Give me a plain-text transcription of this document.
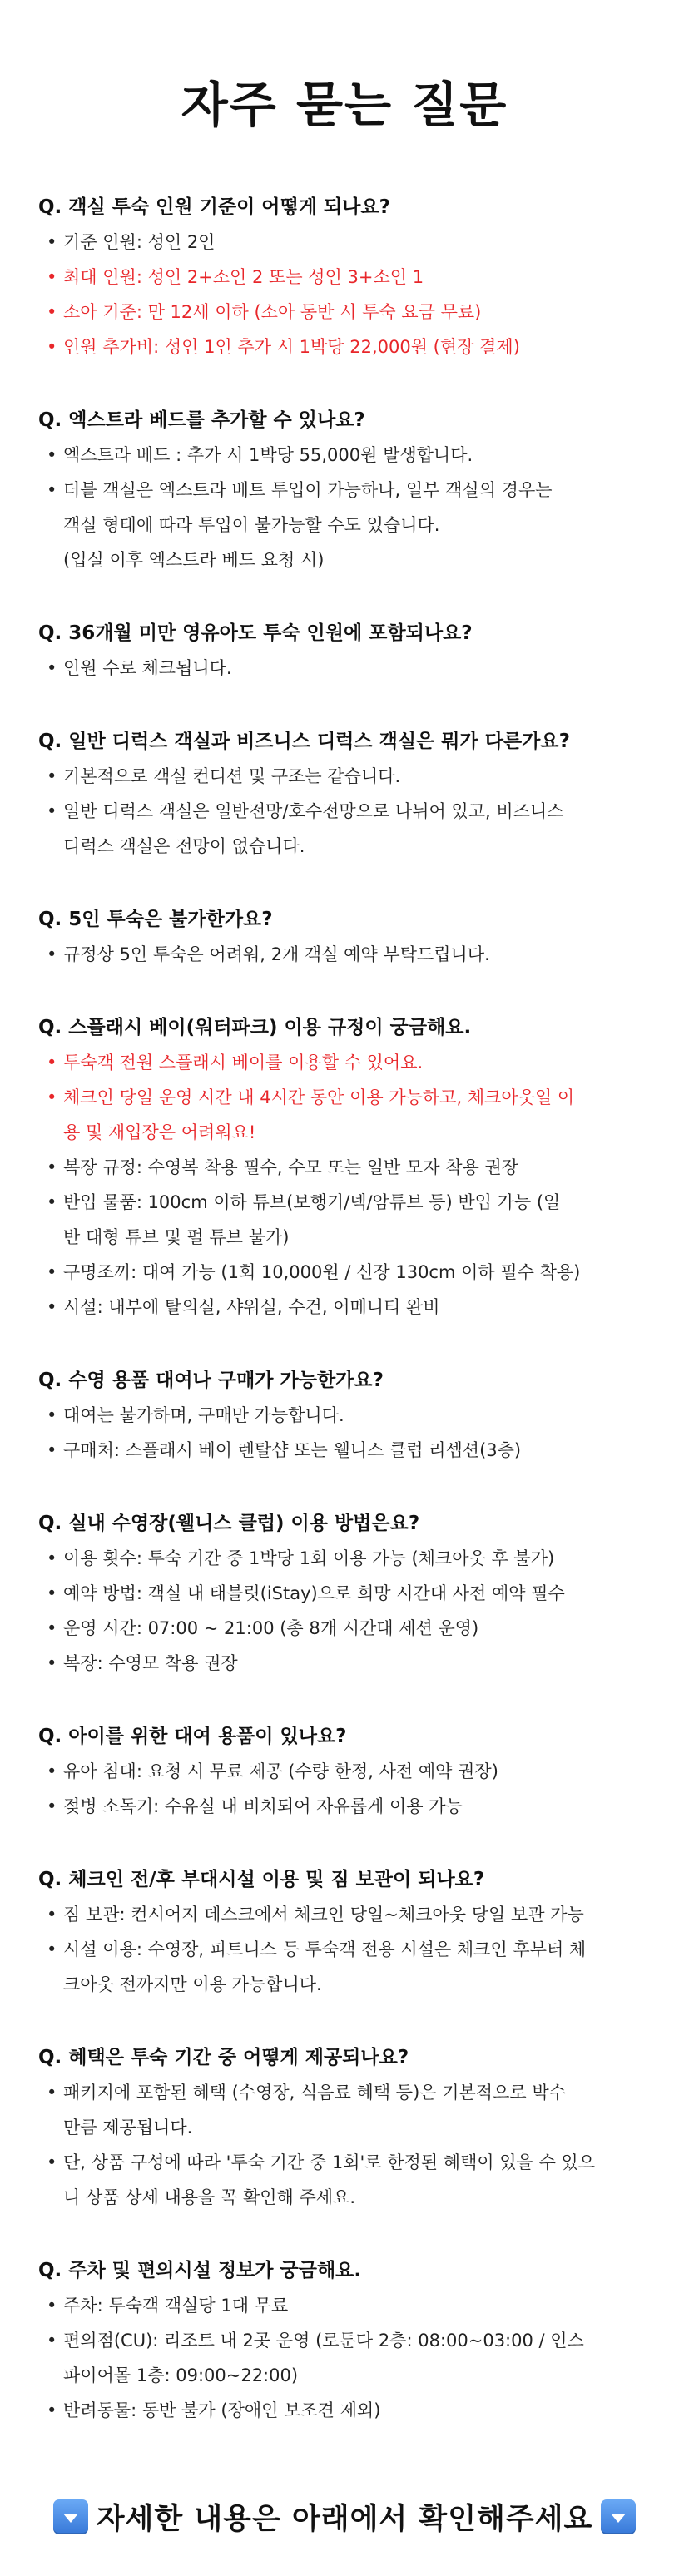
자주 묻는 질문
Q. 객실 투숙 인원 기준이 어떻게 되나요?
• 기준 인원: 성인 2인
• 최대 인원: 성인 2+소인 2 또는 성인 3+소인 1
• 소아 기준: 만 12세 이하 (소아 동반 시 투숙 요금 무료)
• 인원 추가비: 성인 1인 추가 시 1박당 22,000원 (현장 결제)
Q. 엑스트라 베드를 추가할 수 있나요?
• 엑스트라 베드 : 추가 시 1박당 55,000원 발생합니다.
• 더블 객실은 엑스트라 베트 투입이 가능하나, 일부 객실의 경우는
객실 형태에 따라 투입이 불가능할 수도 있습니다.
(입실 이후 엑스트라 베드 요청 시)
Q. 36개월 미만 영유아도 투숙 인원에 포함되나요?
• 인원 수로 체크됩니다.
Q. 일반 디럭스 객실과 비즈니스 디럭스 객실은 뭐가 다른가요?
• 기본적으로 객실 컨디션 및 구조는 같습니다.
• 일반 디럭스 객실은 일반전망/호수전망으로 나뉘어 있고, 비즈니스
디럭스 객실은 전망이 없습니다.
Q. 5인 투숙은 불가한가요?
• 규정상 5인 투숙은 어려워, 2개 객실 예약 부탁드립니다.
Q. 스플래시 베이(워터파크) 이용 규정이 궁금해요.
• 투숙객 전원 스플래시 베이를 이용할 수 있어요.
• 체크인 당일 운영 시간 내 4시간 동안 이용 가능하고, 체크아웃일 이
용 및 재입장은 어려워요!
• 복장 규정: 수영복 착용 필수, 수모 또는 일반 모자 착용 권장
• 반입 물품: 100cm 이하 튜브(보행기/넥/암튜브 등) 반입 가능 (일
반 대형 튜브 및 펄 튜브 불가)
• 구명조끼: 대여 가능 (1회 10,000원 / 신장 130cm 이하 필수 착용)
• 시설: 내부에 탈의실, 샤워실, 수건, 어메니티 완비
Q. 수영 용품 대여나 구매가 가능한가요?
• 대여는 불가하며, 구매만 가능합니다.
• 구매처: 스플래시 베이 렌탈샵 또는 웰니스 클럽 리셉션(3층)
Q. 실내 수영장(웰니스 클럽) 이용 방법은요?
• 이용 횟수: 투숙 기간 중 1박당 1회 이용 가능 (체크아웃 후 불가)
• 예약 방법: 객실 내 태블릿(iStay)으로 희망 시간대 사전 예약 필수
• 운영 시간: 07:00 ~ 21:00 (총 8개 시간대 세션 운영)
• 복장: 수영모 착용 권장
Q. 아이를 위한 대여 용품이 있나요?
• 유아 침대: 요청 시 무료 제공 (수량 한정, 사전 예약 권장)
• 젖병 소독기: 수유실 내 비치되어 자유롭게 이용 가능
Q. 체크인 전/후 부대시설 이용 및 짐 보관이 되나요?
• 짐 보관: 컨시어지 데스크에서 체크인 당일~체크아웃 당일 보관 가능
• 시설 이용: 수영장, 피트니스 등 투숙객 전용 시설은 체크인 후부터 체
크아웃 전까지만 이용 가능합니다.
Q. 혜택은 투숙 기간 중 어떻게 제공되나요?
• 패키지에 포함된 혜택 (수영장, 식음료 혜택 등)은 기본적으로 박수
만큼 제공됩니다.
• 단, 상품 구성에 따라 '투숙 기간 중 1회'로 한정된 혜택이 있을 수 있으
니 상품 상세 내용을 꼭 확인해 주세요.
Q. 주차 및 편의시설 정보가 궁금해요.
• 주차: 투숙객 객실당 1대 무료
• 편의점(CU): 리조트 내 2곳 운영 (로툰다 2층: 08:00~03:00 / 인스
파이어몰 1층: 09:00~22:00)
• 반려동물: 동반 불가 (장애인 보조견 제외)
자세한 내용은 아래에서 확인해주세요
